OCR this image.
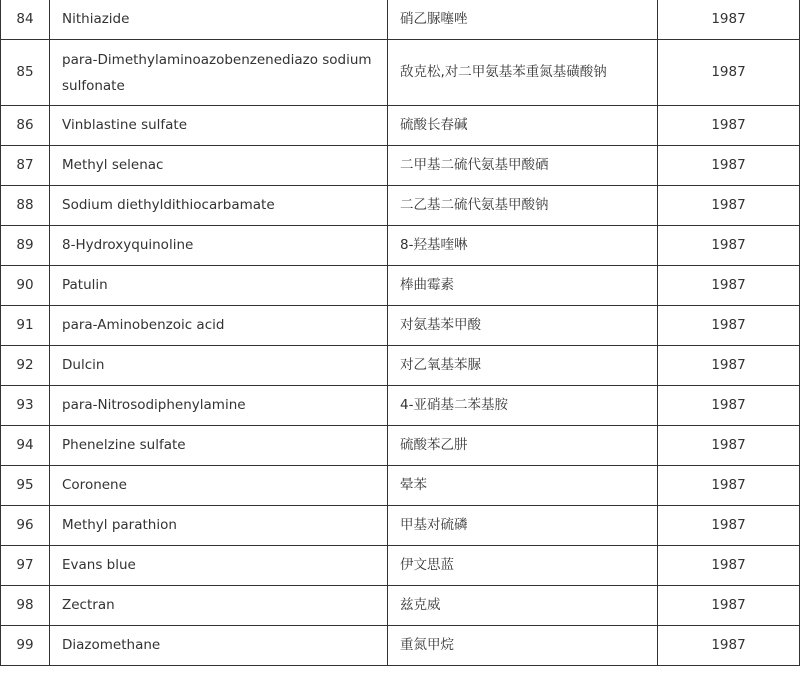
84	Nithiazide	硝乙脲噻唑	1987
85	para-Dimethylaminoazobenzenediazo sodium sulfonate	敌克松,对二甲氨基苯重氮基磺酸钠	1987
86	Vinblastine sulfate	硫酸长春碱	1987
87	Methyl selenac	二甲基二硫代氨基甲酸硒	1987
88	Sodium diethyldithiocarbamate	二乙基二硫代氨基甲酸钠	1987
89	8-Hydroxyquinoline	8-羟基喹啉	1987
90	Patulin	棒曲霉素	1987
91	para-Aminobenzoic acid	对氨基苯甲酸	1987
92	Dulcin	对乙氧基苯脲	1987
93	para-Nitrosodiphenylamine	4-亚硝基二苯基胺	1987
94	Phenelzine sulfate	硫酸苯乙肼	1987
95	Coronene	晕苯	1987
96	Methyl parathion	甲基对硫磷	1987
97	Evans blue	伊文思蓝	1987
98	Zectran	兹克威	1987
99	Diazomethane	重氮甲烷	1987
